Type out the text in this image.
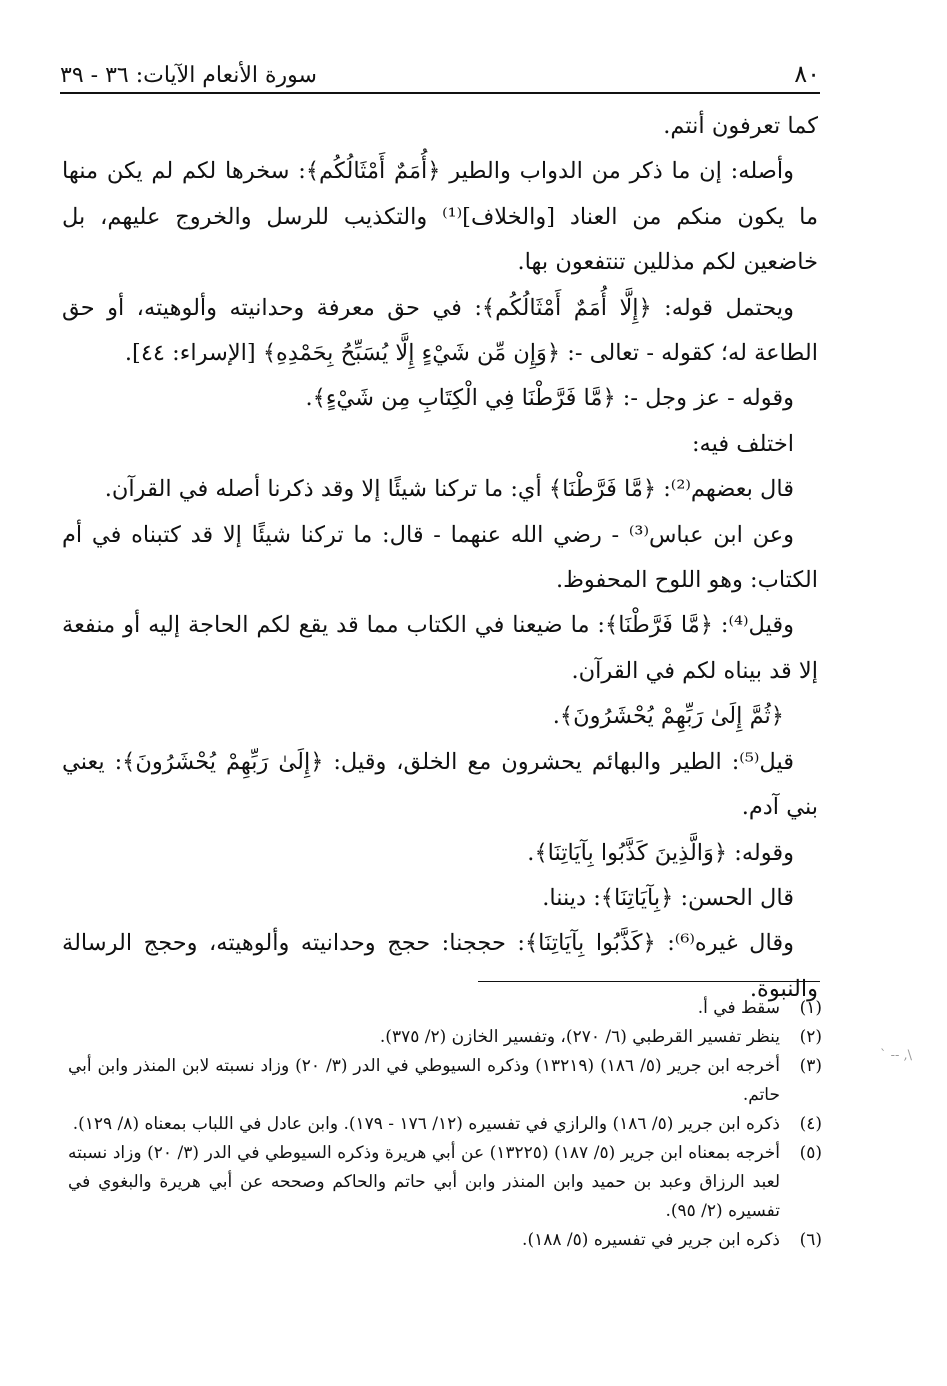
٨٠
سورة الأنعام الآيات: ٣٦ - ٣٩

كما تعرفون أنتم.

وأصله: إن ما ذكر من الدواب والطير ﴿أُمَمٌ أَمْثَالُكُم﴾: سخرها لكم لم يكن منها ما يكون منكم من العناد [والخلاف]⁽¹⁾ والتكذيب للرسل والخروج عليهم، بل خاضعين لكم مذللين تنتفعون بها.

ويحتمل قوله: ﴿إِلَّا أُمَمٌ أَمْثَالُكُم﴾: في حق معرفة وحدانيته وألوهيته، أو حق الطاعة له؛ كقوله - تعالى -: ﴿وَإِن مِّن شَيْءٍ إِلَّا يُسَبِّحُ بِحَمْدِهِ﴾ [الإسراء: ٤٤].

وقوله - عز وجل -: ﴿مَّا فَرَّطْنَا فِي الْكِتَابِ مِن شَيْءٍ﴾.

اختلف فيه:

قال بعضهم⁽²⁾: ﴿مَّا فَرَّطْنَا﴾ أي: ما تركنا شيئًا إلا وقد ذكرنا أصله في القرآن.

وعن ابن عباس⁽³⁾ - رضي الله عنهما - قال: ما تركنا شيئًا إلا قد كتبناه في أم الكتاب: وهو اللوح المحفوظ.

وقيل⁽⁴⁾: ﴿مَّا فَرَّطْنَا﴾: ما ضيعنا في الكتاب مما قد يقع لكم الحاجة إليه أو منفعة إلا قد بيناه لكم في القرآن.

﴿ثُمَّ إِلَىٰ رَبِّهِمْ يُحْشَرُونَ﴾.

قيل⁽⁵⁾: الطير والبهائم يحشرون مع الخلق، وقيل: ﴿إِلَىٰ رَبِّهِمْ يُحْشَرُونَ﴾: يعني بني آدم.

وقوله: ﴿وَالَّذِينَ كَذَّبُوا بِآيَاتِنَا﴾.

قال الحسن: ﴿بِآيَاتِنَا﴾: ديننا.

وقال غيره⁽⁶⁾: ﴿كَذَّبُوا بِآيَاتِنَا﴾: حججنا: حجج وحدانيته وألوهيته، وحجج الرسالة والنبوة.

(١)
سقط في أ.
(٢)
ينظر تفسير القرطبي (٦/ ٢٧٠)، وتفسير الخازن (٢/ ٣٧٥).
(٣)
أخرجه ابن جرير (٥/ ١٨٦) (١٣٢١٩) وذكره السيوطي في الدر (٣/ ٢٠) وزاد نسبته لابن المنذر وابن أبي حاتم.
(٤)
ذكره ابن جرير (٥/ ١٨٦) والرازي في تفسيره (١٢/ ١٧٦ - ١٧٩). وابن عادل في اللباب بمعناه (٨/ ١٢٩).
(٥)
أخرجه بمعناه ابن جرير (٥/ ١٨٧) (١٣٢٢٥) عن أبي هريرة وذكره السيوطي في الدر (٣/ ٢٠) وزاد نسبته لعبد الرزاق وعبد بن حميد وابن المنذر وابن أبي حاتم والحاكم وصححه عن أبي هريرة والبغوي في تفسيره (٢/ ٩٥).
(٦)
ذكره ابن جرير في تفسيره (٥/ ١٨٨).
` -- ,\
